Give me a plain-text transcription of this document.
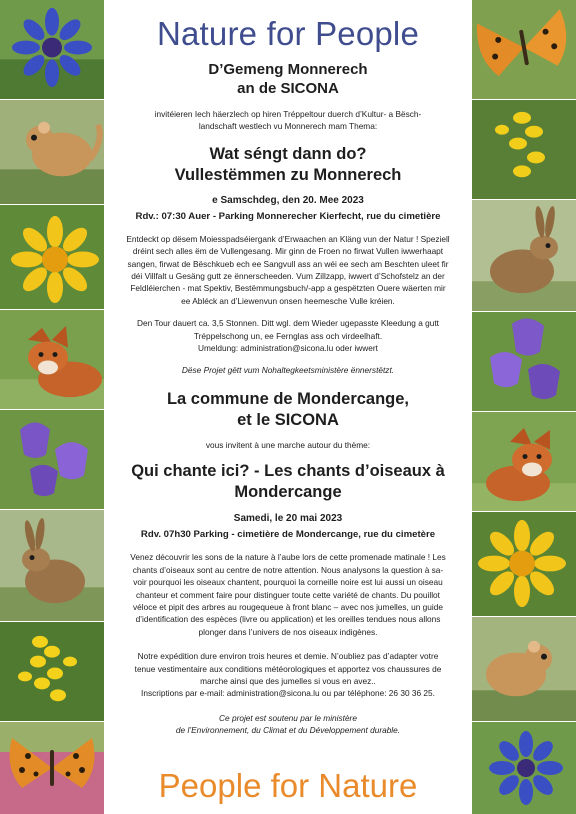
Nature for People
D’Gemeng Monnerech
an de SICONA
invitéieren Iech häerzlech op hiren Tréppeltour duerch d’Kultur- a Bësch-
landschaft westlech vu Monnerech mam Thema:
Wat séngt dann do?
Vullestëmmen zu Monnerech
e Samschdeg, den 20. Mee 2023
Rdv.: 07:30 Auer - Parking Monnerecher Kierfecht, rue du cimetière
Entdeckt op dësem Moiesspadséiergank d’Erwaachen an Kläng vun der Natur ! Speziell
dréint sech alles ëm de Vullengesang. Mir ginn de Froen no firwat Vullen iwwerhaapt
sangen, firwat de Bëschkueb ech ee Sangvull ass an wéi ee sech am Beschten uleet fir
déi Villfalt u Gesäng gutt ze ënnerscheeden. Vum Zillzapp, iwwert d’Schofstelz an der
Feldléierchen - mat Spektiv, Bestëmmungsbuch/-app a gespëtzten Ouere wäerten mir
ee Abléck an d’Liewenvun onsen heemesche Vulle kréien.
Den Tour dauert ca. 3,5 Stonnen. Ditt wgl. dem Wieder ugepasste Kleedung a gutt
Tréppelschong un, ee Fernglas ass och virdeelhaft.
Umeldung: administration@sicona.lu oder iwwert
Dëse Projet gëtt vum Nohaltegkeetsministère ënnerstëtzt.
La commune de Mondercange,
et le SICONA
vous invitent à une marche autour du thème:
Qui chante ici? - Les chants d’oiseaux à
Mondercange
Samedi, le 20 mai 2023
Rdv. 07h30 Parking - cimetière de Mondercange, rue du cimetère
Venez découvrir les sons de la nature à l’aube lors de cette promenade matinale ! Les
chants d’oiseaux sont au centre de notre attention. Nous analysons la question à sa-
voir pourquoi les oiseaux chantent, pourquoi la corneille noire est lui aussi un oiseau
chanteur et comment faire pour distinguer toute cette variété de chants. Du pouillot
véloce et pipit des arbres au rougequeue à front blanc – avec nos jumelles, un guide
d’identification des espèces (livre ou application) et les oreilles tendues nous allons
plonger dans l’univers de nos oiseaux indigènes.
Notre expédition dure environ trois heures et demie. N’oubliez pas d’adapter votre
tenue vestimentaire aux conditions météorologiques et apportez vos chaussures de
marche ainsi que des jumelles si vous en avez..
Inscriptions par e-mail: administration@sicona.lu ou par téléphone: 26 30 36 25.
Ce projet est soutenu par le ministère
de l’Environnement, du Climat et du Développement durable.
People for Nature
